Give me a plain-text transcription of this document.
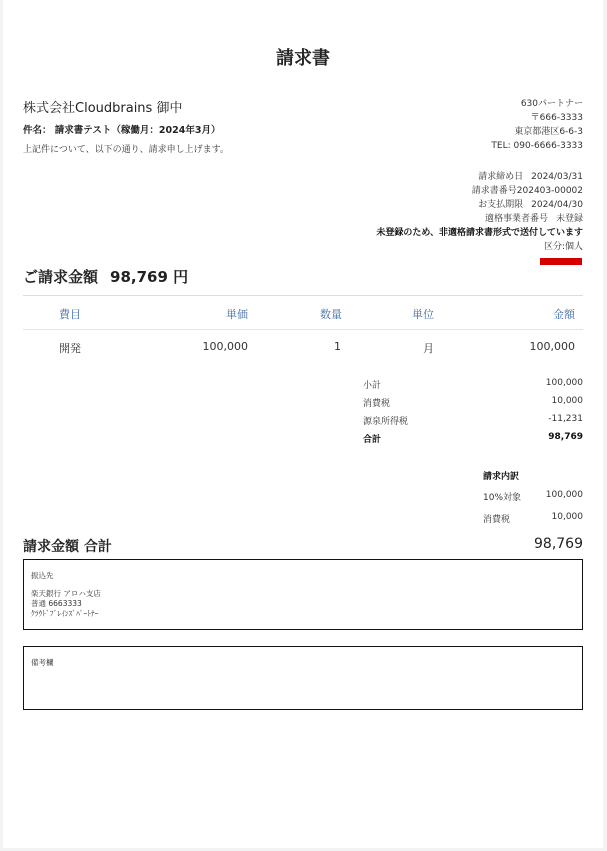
請求書
株式会社Cloudbrains 御中
件名： 請求書テスト（稼働月：2024年3月）
上記件について、以下の通り、請求申し上げます。
630パートナー
〒666-3333
東京都港区6-6-3
TEL: 090-6666-3333
請求締め日 2024/03/31
請求書番号202403-00002
お支払期限 2024/04/30
適格事業者番号 未登録
未登録のため、非適格請求書形式で送付しています
区分:個人
ご請求金額 98,769 円
費目	単価	数量	単位	金額
開発	100,000	1	月	100,000
小計	100,000
消費税	10,000
源泉所得税	-11,231
合計	98,769
請求内訳
10%対象	100,000
消費税	10,000
請求金額 合計	98,769
振込先
楽天銀行 アロハ支店
普通 6663333
ｸﾗｳﾄﾞﾌﾞﾚｲﾝｽﾞﾊﾟｰﾄﾅｰ
備考欄
